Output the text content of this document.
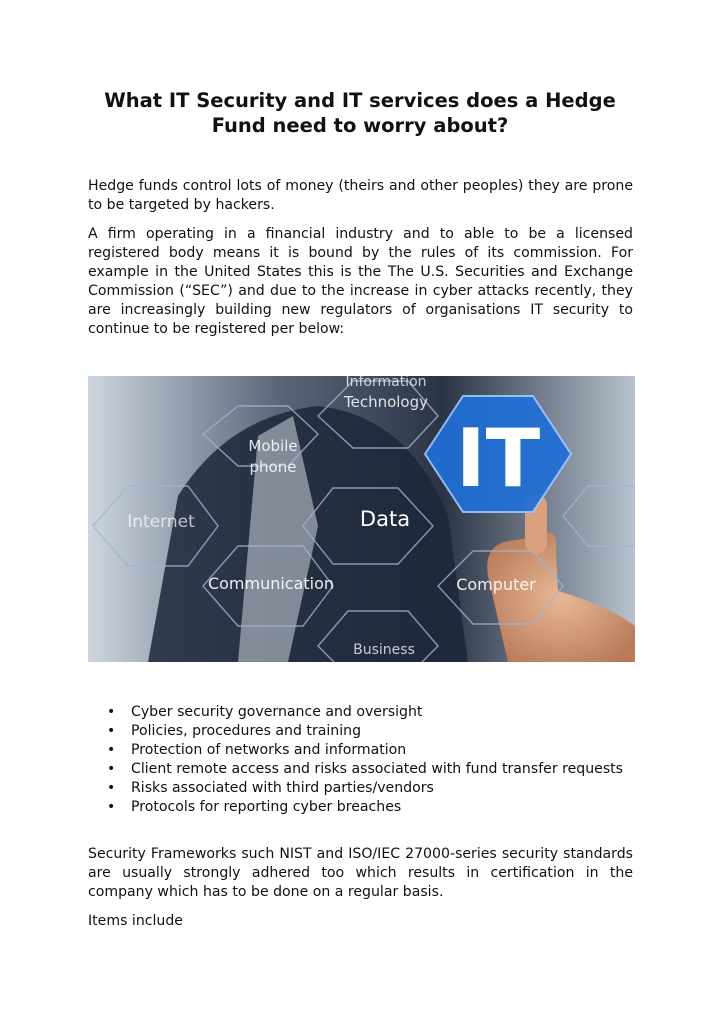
What IT Security and IT services does a Hedge Fund need to worry about?

Hedge funds control lots of money (theirs and other peoples) they are prone to be targeted by hackers.

A firm operating in a financial industry and to able to be a licensed registered body means it is bound by the rules of its commission. For example in the United States this is the The U.S. Securities and Exchange Commission (“SEC”) and due to the increase in cyber attacks recently, they are increasingly building new regulators of organisations IT security to continue to be registered per below:

Information
Technology
Mobile
phone
Internet	Data
IT
Communication	Computer
Business
• Cyber security governance and oversight
• Policies, procedures and training
• Protection of networks and information
• Client remote access and risks associated with fund transfer requests
• Risks associated with third parties/vendors
• Protocols for reporting cyber breaches

Security Frameworks such NIST and ISO/IEC 27000-series security standards are usually strongly adhered too which results in certification in the company which has to be done on a regular basis.

Items include
